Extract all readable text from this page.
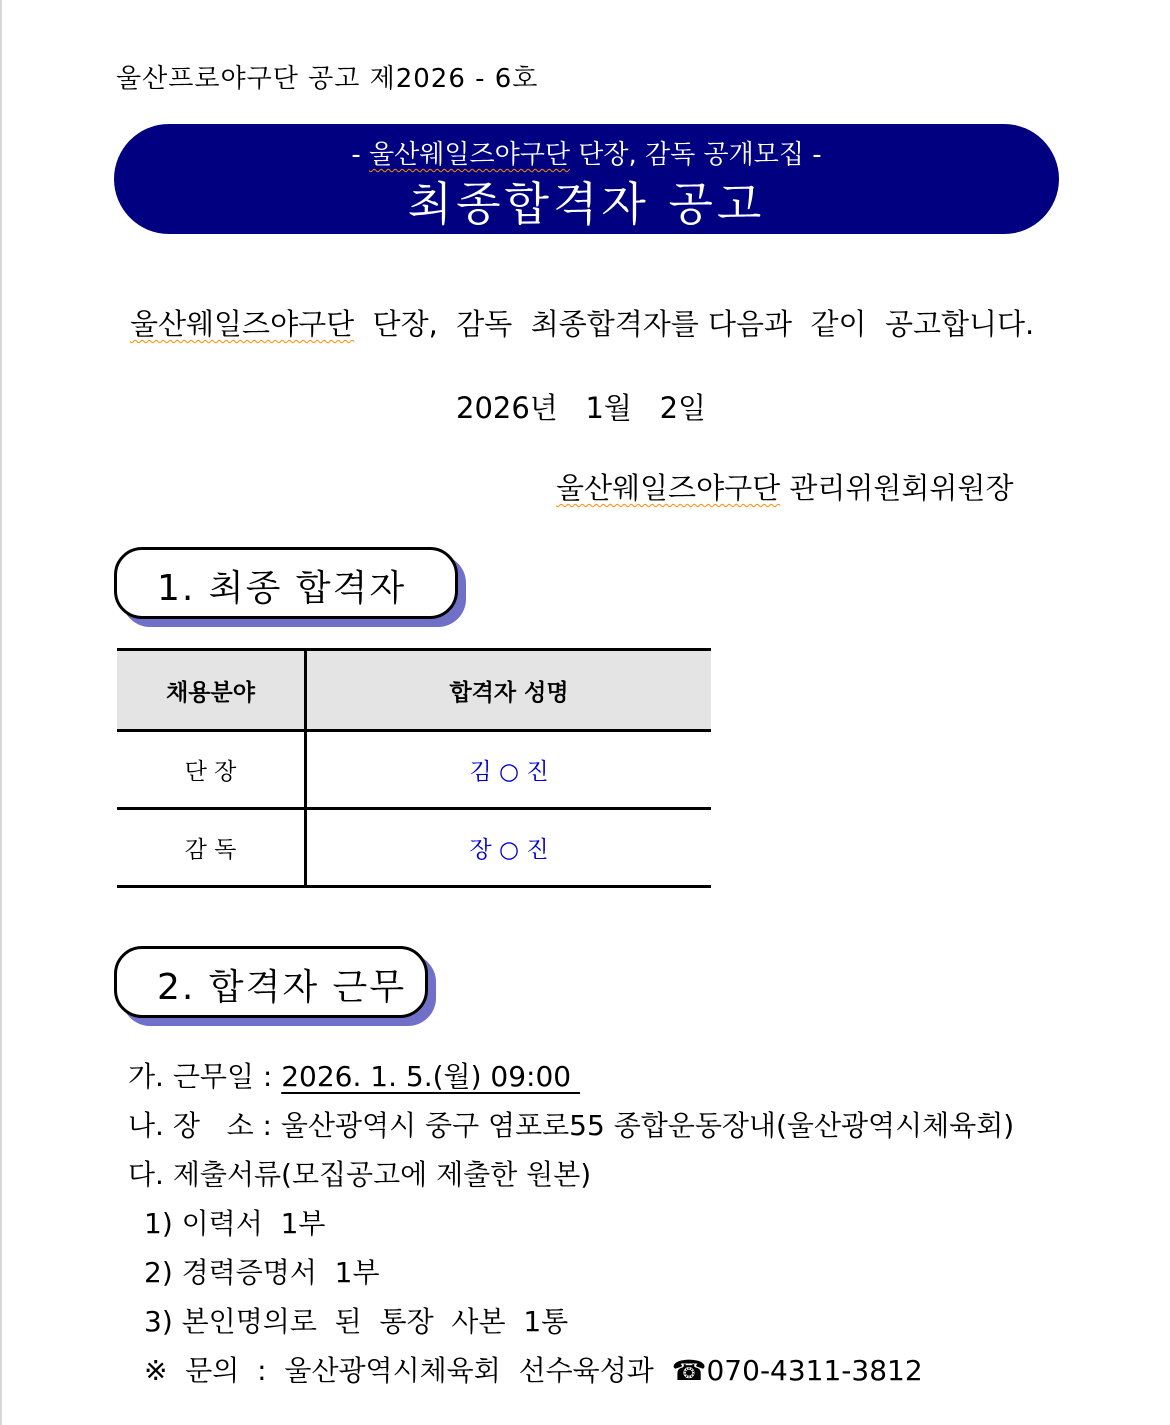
울산프로야구단 공고 제2026 - 6호
- 울산웨일즈야구단 단장, 감독 공개모집 -
최종합격자 공고
울산웨일즈야구단  단장,  감독  최종합격자를 다음과  같이  공고합니다.
2026년   1월   2일
울산웨일즈야구단 관리위원회위원장
1. 최종 합격자
채용분야	합격자 성명
단 장	김 ○ 진
감 독	장 ○ 진
2. 합격자 근무
가. 근무일 : 2026. 1. 5.(월) 09:00
나. 장   소 : 울산광역시 중구 염포로55 종합운동장내(울산광역시체육회)
다. 제출서류(모집공고에 제출한 원본)
1) 이력서  1부
2) 경력증명서  1부
3) 본인명의로  된  통장  사본  1통
※  문의  :  울산광역시체육회  선수육성과  ☎070-4311-3812
